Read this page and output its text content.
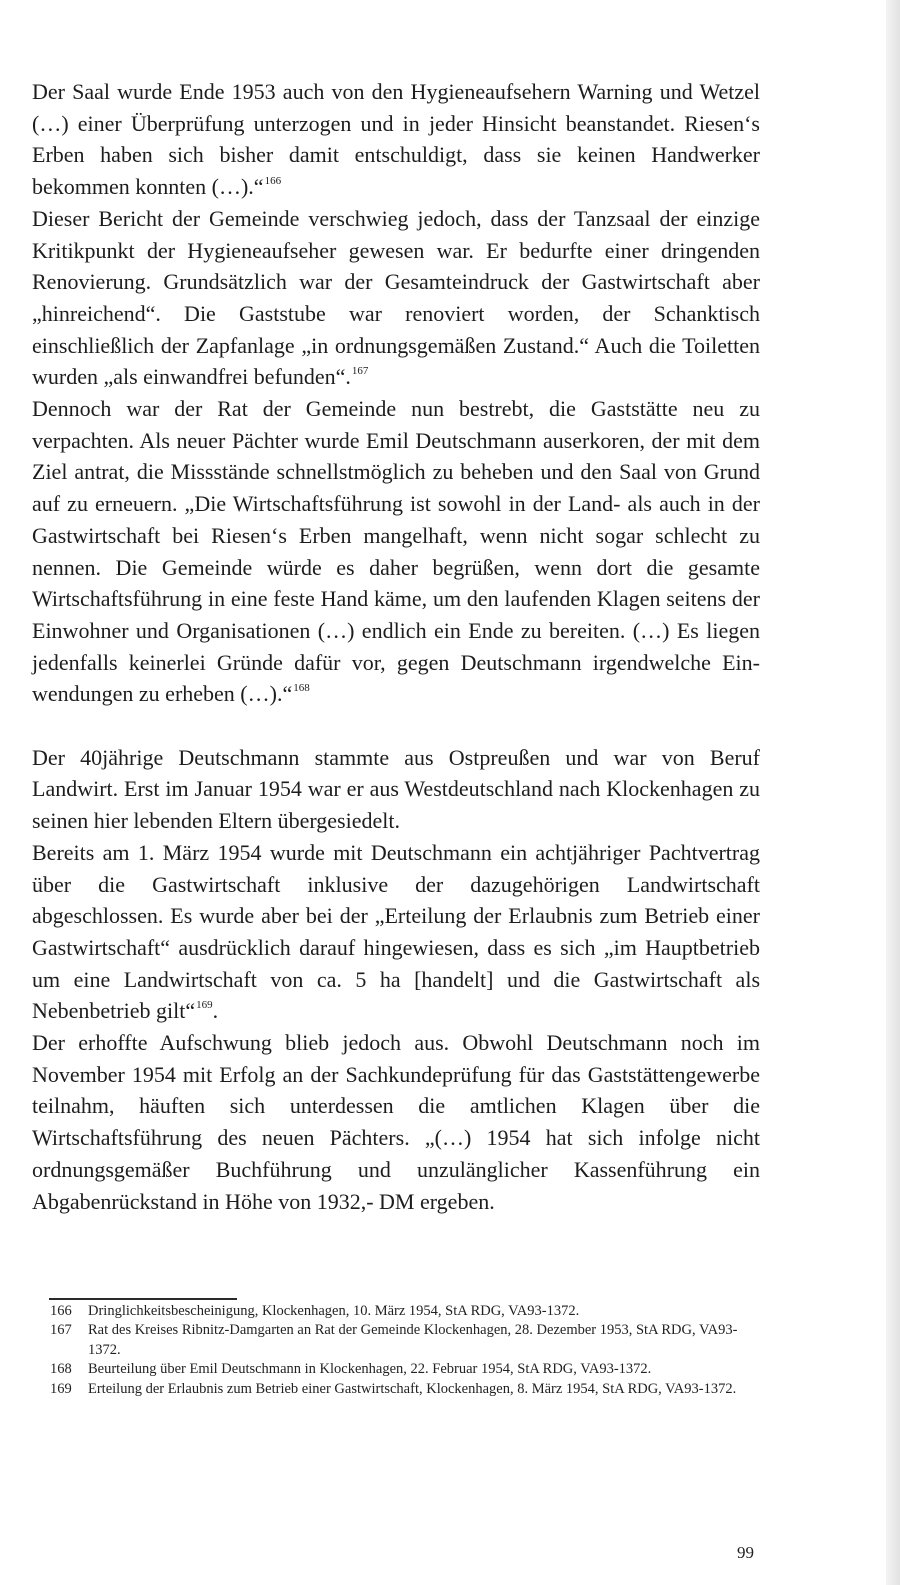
Der Saal wurde Ende 1953 auch von den Hygieneaufsehern Warning und Wetzel (…) einer Überprüfung unterzogen und in jeder Hinsicht beanstandet. Riesen‘s Erben haben sich bisher damit entschuldigt, dass sie keinen Handwerker bekommen konnten (…).“$^{166}$

Dieser Bericht der Gemeinde verschwieg jedoch, dass der Tanzsaal der einzige Kritikpunkt der Hygieneaufseher gewesen war. Er bedurfte einer dringenden Renovierung. Grundsätzlich war der Gesamteindruck der Gastwirtschaft aber „hinreichend“. Die Gaststube war renoviert worden, der Schanktisch einschließlich der Zapfanlage „in ordnungsgemäßen Zustand.“ Auch die Toiletten wurden „als einwandfrei befunden“.$^{167}$

Dennoch war der Rat der Gemeinde nun bestrebt, die Gaststätte neu zu verpachten. Als neuer Pächter wurde Emil Deutschmann auserkoren, der mit dem Ziel antrat, die Missstände schnellstmöglich zu beheben und den Saal von Grund auf zu erneuern. „Die Wirtschaftsführung ist sowohl in der Land- als auch in der Gastwirtschaft bei Riesen‘s Erben mangelhaft, wenn nicht sogar schlecht zu nennen. Die Gemeinde würde es daher begrüßen, wenn dort die gesamte Wirtschaftsführung in eine feste Hand käme, um den laufenden Klagen seitens der Einwohner und Organisationen (…) endlich ein Ende zu bereiten. (…) Es liegen jedenfalls keinerlei Gründe dafür vor, gegen Deutschmann irgendwelche Einwendungen zu erheben (…).“$^{168}$

Der 40jährige Deutschmann stammte aus Ostpreußen und war von Beruf Landwirt. Erst im Januar 1954 war er aus Westdeutschland nach Klockenhagen zu seinen hier lebenden Eltern übergesiedelt.

Bereits am 1. März 1954 wurde mit Deutschmann ein achtjähriger Pachtvertrag über die Gastwirtschaft inklusive der dazugehörigen Landwirtschaft abgeschlossen. Es wurde aber bei der „Erteilung der Erlaubnis zum Betrieb einer Gastwirtschaft“ ausdrücklich darauf hingewiesen, dass es sich „im Hauptbetrieb um eine Landwirtschaft von ca. 5 ha [handelt] und die Gastwirtschaft als Nebenbetrieb gilt“$^{169}$.

Der erhoffte Aufschwung blieb jedoch aus. Obwohl Deutschmann noch im November 1954 mit Erfolg an der Sachkundeprüfung für das Gaststättengewerbe teilnahm, häuften sich unterdessen die amtlichen Klagen über die Wirtschaftsführung des neuen Pächters. „(…) 1954 hat sich infolge nicht ordnungsgemäßer Buchführung und unzulänglicher Kassenführung ein Abgabenrückstand in Höhe von 1932,- DM ergeben.

166	Dringlichkeitsbescheinigung, Klockenhagen, 10. März 1954, StA RDG, VA93-1372.
167	Rat des Kreises Ribnitz-Damgarten an Rat der Gemeinde Klockenhagen, 28. Dezember 1953, StA RDG, VA93-1372.
168	Beurteilung über Emil Deutschmann in Klockenhagen, 22. Februar 1954, StA RDG, VA93-1372.
169	Erteilung der Erlaubnis zum Betrieb einer Gastwirtschaft, Klockenhagen, 8. März 1954, StA RDG, VA93-1372.
99
